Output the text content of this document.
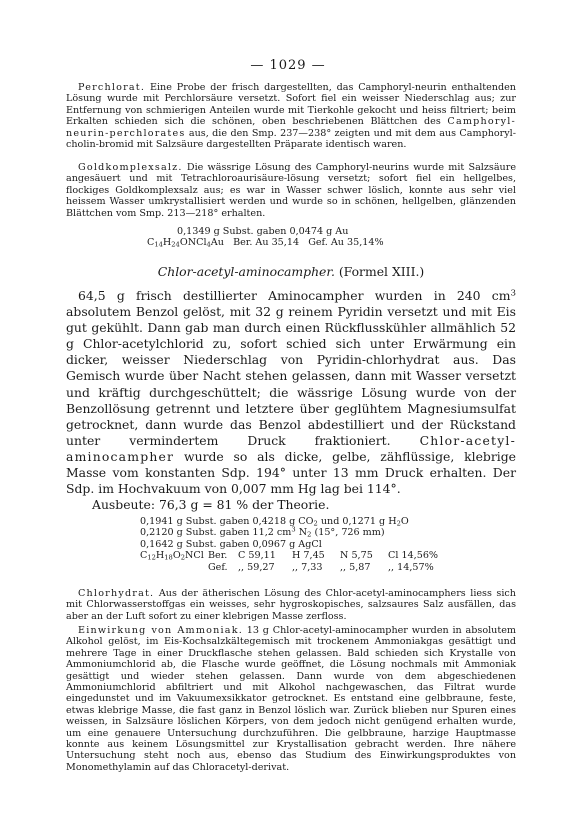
— 1029 —

Perchlorat. Eine Probe der frisch dargestellten, das Camphoryl-neurin enthaltenden Lösung wurde mit Perchlorsäure versetzt. Sofort fiel ein weisser Niederschlag aus; zur Entfernung von schmierigen Anteilen wurde mit Tierkohle gekocht und heiss filtriert; beim Erkalten schieden sich die schönen, oben beschriebenen Blättchen des Camphoryl-neurin-perchlorates aus, die den Smp. 237—238° zeigten und mit dem aus Camphoryl-cholin-bromid mit Salzsäure dargestellten Präparate identisch waren.

Goldkomplexsalz. Die wässrige Lösung des Camphoryl-neurins wurde mit Salzsäure angesäuert und mit Tetrachloroaurisäure-lösung versetzt; sofort fiel ein hellgelbes, flockiges Goldkomplexsalz aus; es war in Wasser schwer löslich, konnte aus sehr viel heissem Wasser umkrystallisiert werden und wurde so in schönen, hellgelben, glänzenden Blättchen vom Smp. 213—218° erhalten.

0,1349 g Subst. gaben 0,0474 g Au
$C_{14}H_{24}ONCl_4Au$ Ber. Au 35,14 Gef. Au 35,14%
Chlor-acetyl-aminocampher. (Formel XIII.)

64,5 g frisch destillierter Aminocampher wurden in 240 $cm^3$ absolutem Benzol gelöst, mit 32 g reinem Pyridin versetzt und mit Eis gut gekühlt. Dann gab man durch einen Rückflusskühler allmählich 52 g Chlor-acetylchlorid zu, sofort schied sich unter Erwärmung ein dicker, weisser Niederschlag von Pyridin-chlorhydrat aus. Das Gemisch wurde über Nacht stehen gelassen, dann mit Wasser versetzt und kräftig durchgeschüttelt; die wässrige Lösung wurde von der Benzollösung getrennt und letztere über geglühtem Magnesiumsulfat getrocknet, dann wurde das Benzol abdestilliert und der Rückstand unter vermindertem Druck fraktioniert. Chlor-acetyl-aminocampher wurde so als dicke, gelbe, zähflüssige, klebrige Masse vom konstanten Sdp. 194° unter 13 mm Druck erhalten. Der Sdp. im Hochvakuum von 0,007 mm Hg lag bei 114°.

Ausbeute: 76,3 g = 81 % der Theorie.
0,1941 g Subst. gaben 0,4218 g $CO_2$ und 0,1271 g $H_2O$
0,2120 g Subst. gaben 11,2 $cm^3$ $N_2$ (15°, 726 mm)
0,1642 g Subst. gaben 0,0967 g AgCl
$C_{12}H_{18}O_2NCl$ Ber.	C 59,11	H 7,45	N 5,75	Cl 14,56%
Gef.	,, 59,27	,, 7,33	,, 5,87	,, 14,57%

Chlorhydrat. Aus der ätherischen Lösung des Chlor-acetyl-aminocamphers liess sich mit Chlorwasserstoffgas ein weisses, sehr hygroskopisches, salzsaures Salz ausfällen, das aber an der Luft sofort zu einer klebrigen Masse zerfloss.

Einwirkung von Ammoniak. 13 g Chlor-acetyl-aminocampher wurden in absolutem Alkohol gelöst, im Eis-Kochsalzkältegemisch mit trockenem Ammoniakgas gesättigt und mehrere Tage in einer Druckflasche stehen gelassen. Bald schieden sich Krystalle von Ammoniumchlorid ab, die Flasche wurde geöffnet, die Lösung nochmals mit Ammoniak gesättigt und wieder stehen gelassen. Dann wurde von dem abgeschiedenen Ammoniumchlorid abfiltriert und mit Alkohol nachgewaschen, das Filtrat wurde eingedunstet und im Vakuumexsikkator getrocknet. Es entstand eine gelbbraune, feste, etwas klebrige Masse, die fast ganz in Benzol löslich war. Zurück blieben nur Spuren eines weissen, in Salzsäure löslichen Körpers, von dem jedoch nicht genügend erhalten wurde, um eine genauere Untersuchung durchzuführen. Die gelbbraune, harzige Hauptmasse konnte aus keinem Lösungsmittel zur Krystallisation gebracht werden. Ihre nähere Untersuchung steht noch aus, ebenso das Studium des Einwirkungsproduktes von Monomethylamin auf das Chloracetyl-derivat.
